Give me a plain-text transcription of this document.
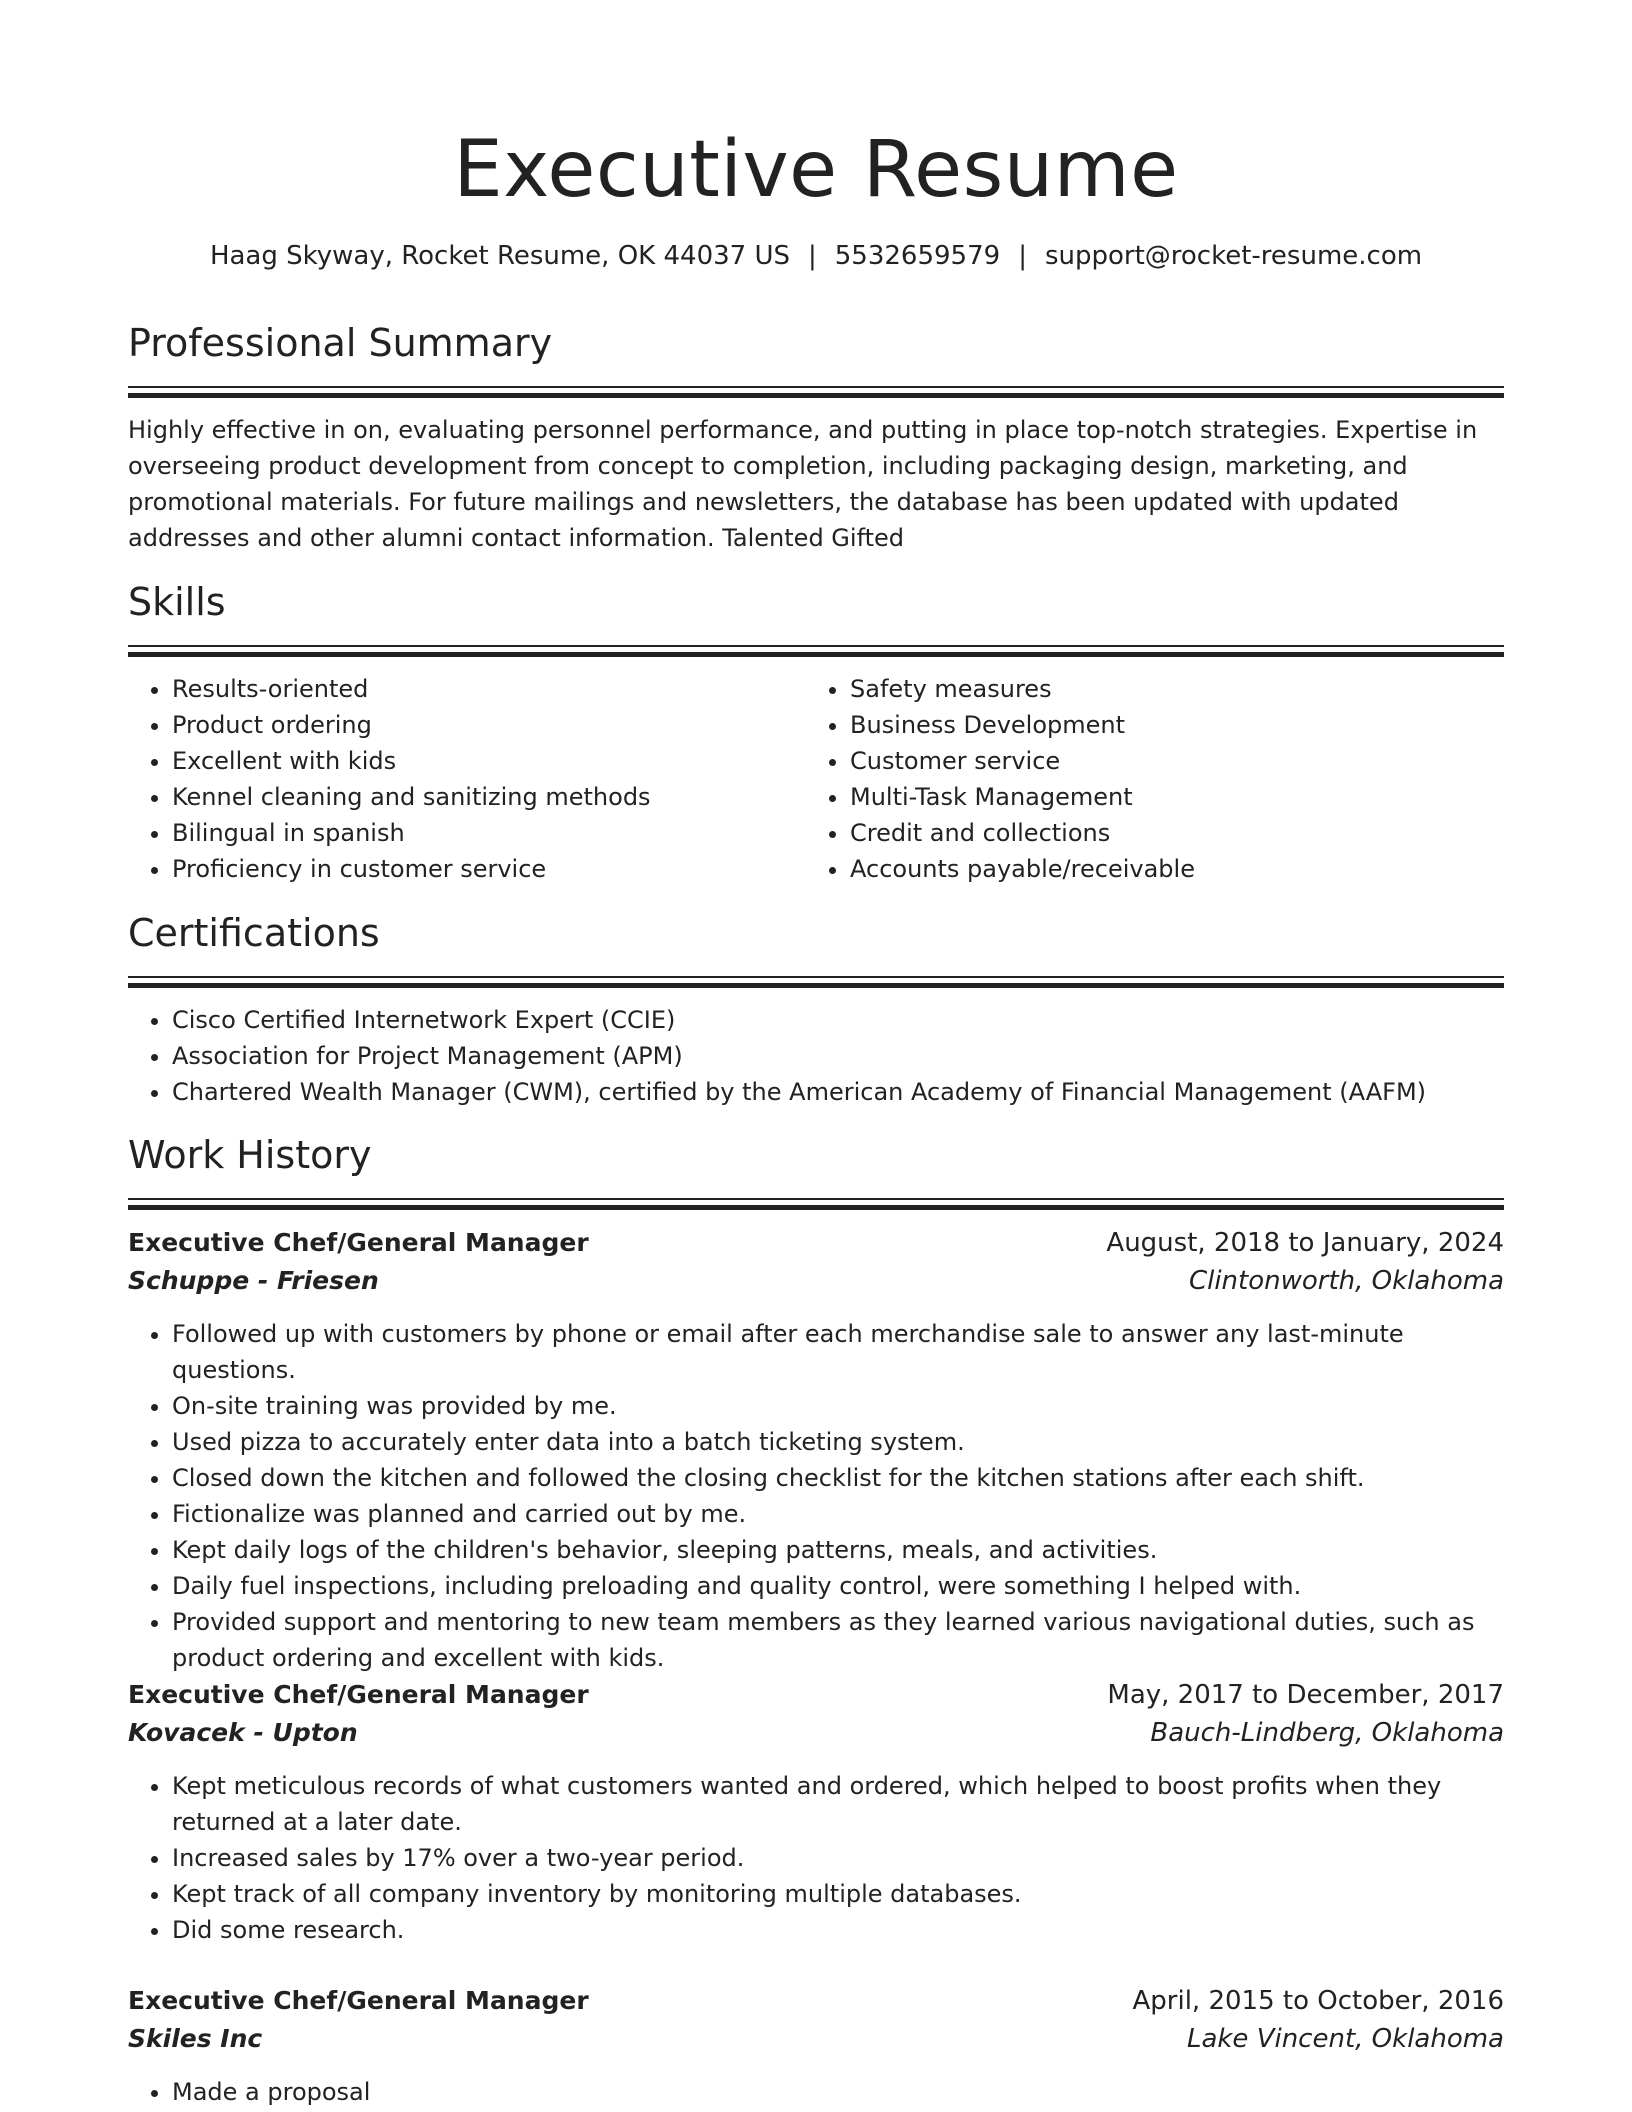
Executive Resume
Haag Skyway, Rocket Resume, OK 44037 US | 5532659579 | support@rocket-resume.com
Professional Summary
Highly effective in on, evaluating personnel performance, and putting in place top-notch strategies. Expertise in overseeing product development from concept to completion, including packaging design, marketing, and promotional materials. For future mailings and newsletters, the database has been updated with updated addresses and other alumni contact information. Talented Gifted
Skills
• Results-oriented
• Product ordering
• Excellent with kids
• Kennel cleaning and sanitizing methods
• Bilingual in spanish
• Proficiency in customer service
• Safety measures
• Business Development
• Customer service
• Multi-Task Management
• Credit and collections
• Accounts payable/receivable
Certifications
• Cisco Certified Internetwork Expert (CCIE)
• Association for Project Management (APM)
• Chartered Wealth Manager (CWM), certified by the American Academy of Financial Management (AAFM)
Work History
Executive Chef/General Manager	August, 2018 to January, 2024
Schuppe - Friesen	Clintonworth, Oklahoma
• Followed up with customers by phone or email after each merchandise sale to answer any last-minute questions.
• On-site training was provided by me.
• Used pizza to accurately enter data into a batch ticketing system.
• Closed down the kitchen and followed the closing checklist for the kitchen stations after each shift.
• Fictionalize was planned and carried out by me.
• Kept daily logs of the children's behavior, sleeping patterns, meals, and activities.
• Daily fuel inspections, including preloading and quality control, were something I helped with.
• Provided support and mentoring to new team members as they learned various navigational duties, such as product ordering and excellent with kids.
Executive Chef/General Manager	May, 2017 to December, 2017
Kovacek - Upton	Bauch-Lindberg, Oklahoma
• Kept meticulous records of what customers wanted and ordered, which helped to boost profits when they returned at a later date.
• Increased sales by 17% over a two-year period.
• Kept track of all company inventory by monitoring multiple databases.
• Did some research.
Executive Chef/General Manager	April, 2015 to October, 2016
Skiles Inc	Lake Vincent, Oklahoma
• Made a proposal
